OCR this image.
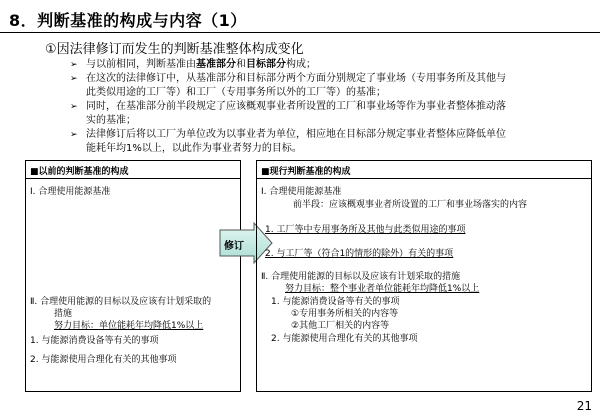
8．判断基准的构成与内容（1）
①因法律修订而发生的判断基准整体构成变化
➢ 与以前相同，判断基准由基准部分和目标部分构成；
➢ 在这次的法律修订中，从基准部分和目标部分两个方面分别规定了事业场（专用事务所及其他与
此类似用途的工厂等）和工厂（专用事务所以外的工厂等）的基准；
➢ 同时，在基准部分前半段规定了应该概观事业者所设置的工厂和事业场等作为事业者整体推动落
实的基准；
➢ 法律修订后将以工厂为单位改为以事业者为单位，相应地在目标部分规定事业者整体应降低单位
能耗年均1%以上，以此作为事业者努力的目标。
■以前的判断基准的构成
Ⅰ. 合理使用能源基准
Ⅱ. 合理使用能源的目标以及应该有计划采取的
措施
努力目标：单位能耗年均降低1%以上
1. 与能源消费设备等有关的事项
2. 与能源使用合理化有关的其他事项
修订
■现行判断基准的构成
Ⅰ. 合理使用能源基准
前半段：应该概观事业者所设置的工厂和事业场落实的内容
1. 工厂等中专用事务所及其他与此类似用途的事项
2. 与工厂等（符合1的情形的除外）有关的事项
Ⅱ. 合理使用能源的目标以及应该有计划采取的措施
努力目标：整个事业者单位能耗年均降低1%以上
1. 与能源消费设备等有关的事项
①专用事务所相关的内容等
②其他工厂相关的内容等
2. 与能源使用合理化有关的其他事项
21
